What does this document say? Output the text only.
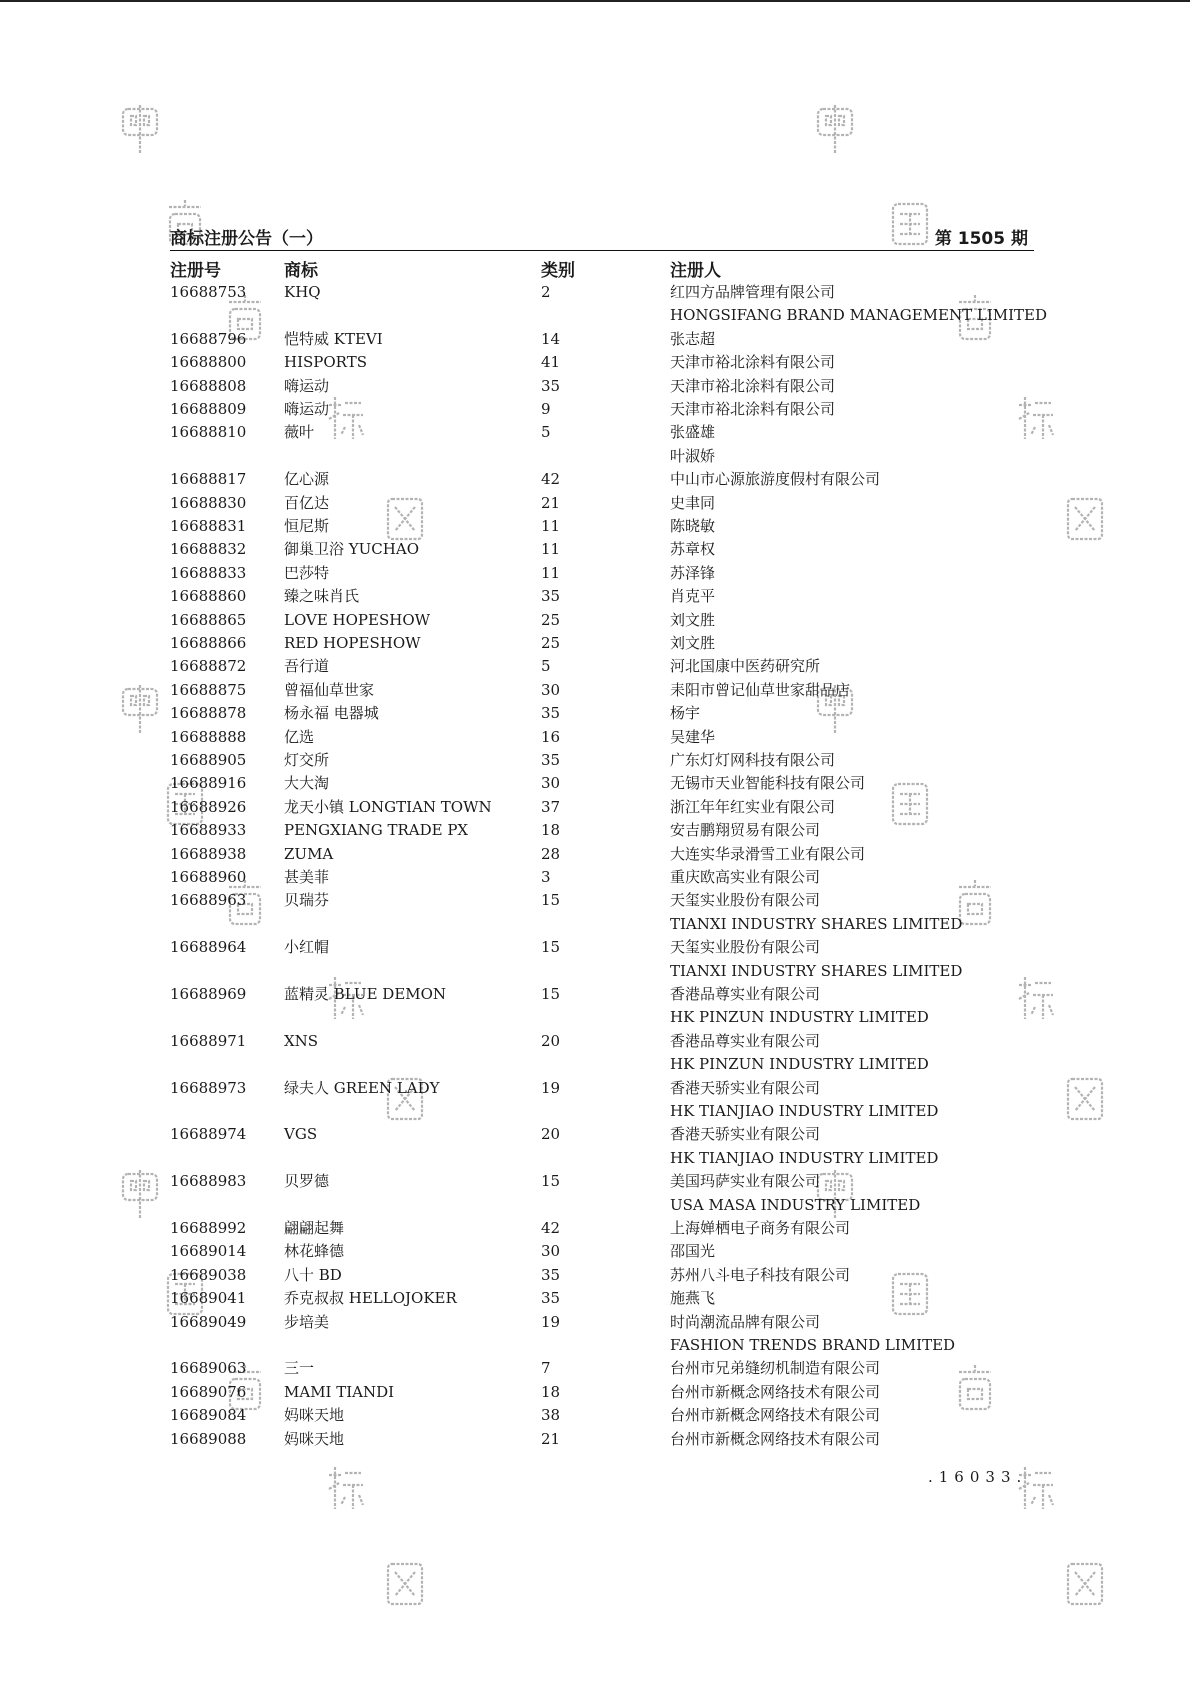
商标注册公告（一）	第 1505 期
注册号	商标	类别	注册人
16688753	KHQ	2	红四方品牌管理有限公司
HONGSIFANG BRAND MANAGEMENT LIMITED
16688796	恺特威 KTEVI	14	张志超
16688800	HISPORTS	41	天津市裕北涂料有限公司
16688808	嗨运动	35	天津市裕北涂料有限公司
16688809	嗨运动	9	天津市裕北涂料有限公司
16688810	薇叶	5	张盛雄
叶淑娇
16688817	亿心源	42	中山市心源旅游度假村有限公司
16688830	百亿达	21	史聿同
16688831	恒尼斯	11	陈晓敏
16688832	御巢卫浴 YUCHAO	11	苏章权
16688833	巴莎特	11	苏泽锋
16688860	臻之味肖氏	35	肖克平
16688865	LOVE HOPESHOW	25	刘文胜
16688866	RED HOPESHOW	25	刘文胜
16688872	吾行道	5	河北国康中医药研究所
16688875	曾福仙草世家	30	耒阳市曾记仙草世家甜品店
16688878	杨永福 电器城	35	杨宇
16688888	亿选	16	吴建华
16688905	灯交所	35	广东灯灯网科技有限公司
16688916	大大淘	30	无锡市天业智能科技有限公司
16688926	龙天小镇 LONGTIAN TOWN	37	浙江年年红实业有限公司
16688933	PENGXIANG TRADE PX	18	安吉鹏翔贸易有限公司
16688938	ZUMA	28	大连实华录滑雪工业有限公司
16688960	甚美菲	3	重庆欧高实业有限公司
16688963	贝瑞芬	15	天玺实业股份有限公司
TIANXI INDUSTRY SHARES LIMITED
16688964	小红帽	15	天玺实业股份有限公司
TIANXI INDUSTRY SHARES LIMITED
16688969	蓝精灵 BLUE DEMON	15	香港品尊实业有限公司
HK PINZUN INDUSTRY LIMITED
16688971	XNS	20	香港品尊实业有限公司
HK PINZUN INDUSTRY LIMITED
16688973	绿夫人 GREEN LADY	19	香港天骄实业有限公司
HK TIANJIAO INDUSTRY LIMITED
16688974	VGS	20	香港天骄实业有限公司
HK TIANJIAO INDUSTRY LIMITED
16688983	贝罗德	15	美国玛萨实业有限公司
USA MASA INDUSTRY LIMITED
16688992	翩翩起舞	42	上海婵栖电子商务有限公司
16689014	林花蜂德	30	邵国光
16689038	八十 BD	35	苏州八斗电子科技有限公司
16689041	乔克叔叔 HELLOJOKER	35	施燕飞
16689049	步培美	19	时尚潮流品牌有限公司
FASHION TRENDS BRAND LIMITED
16689063	三一	7	台州市兄弟缝纫机制造有限公司
16689076	MAMI TIANDI	18	台州市新概念网络技术有限公司
16689084	妈咪天地	38	台州市新概念网络技术有限公司
16689088	妈咪天地	21	台州市新概念网络技术有限公司
.16033.
